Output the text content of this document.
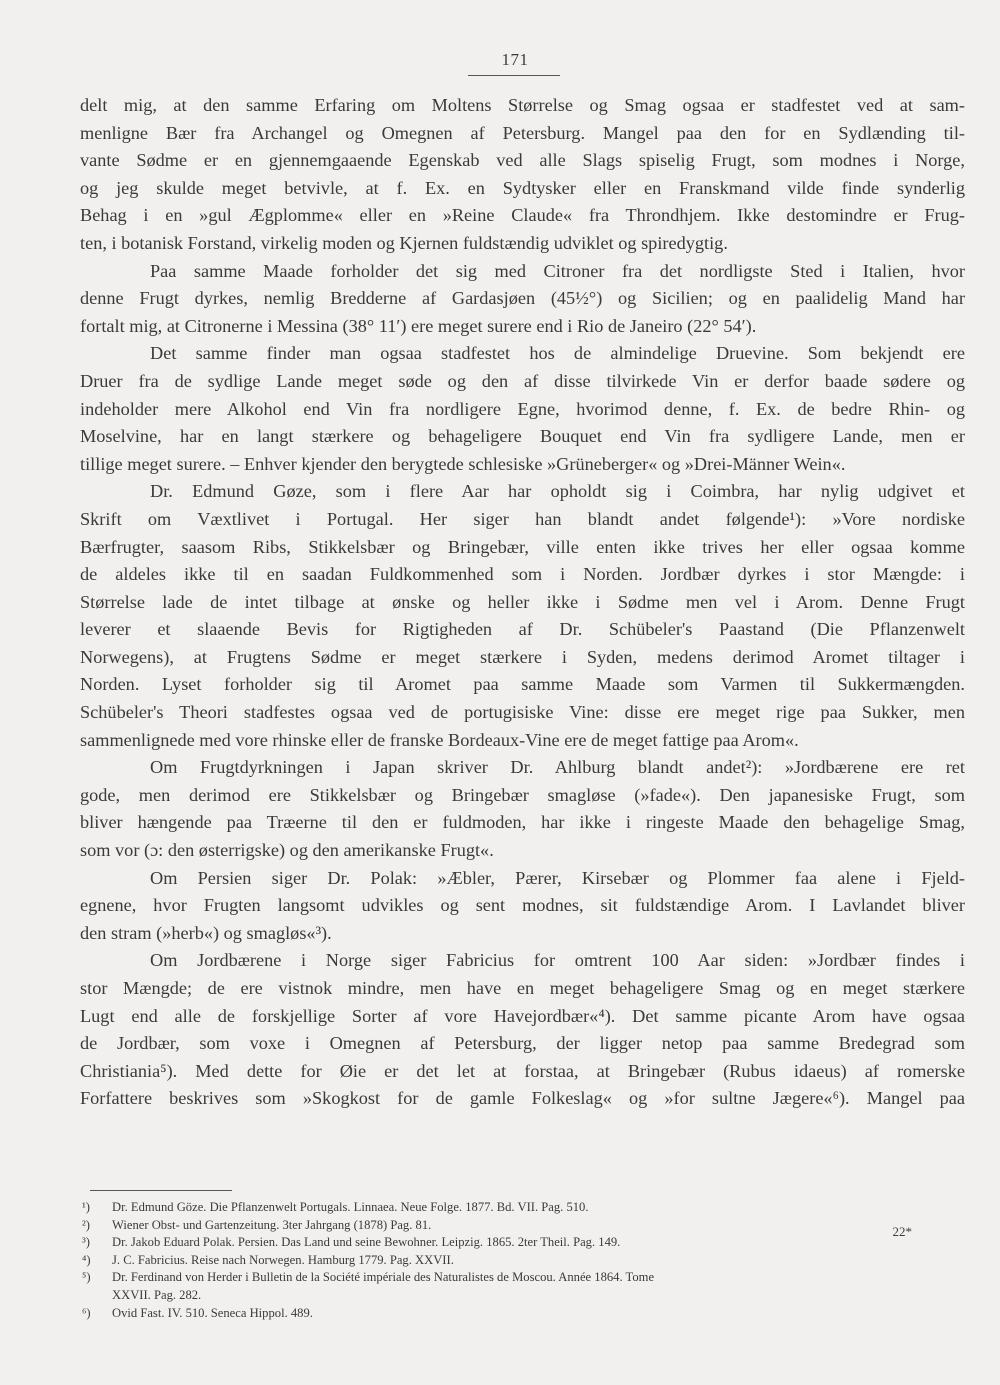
171
delt mig, at den samme Erfaring om Moltens Størrelse og Smag ogsaa er stadfestet ved at sam-
menligne Bær fra Archangel og Omegnen af Petersburg. Mangel paa den for en Sydlænding til-
vante Sødme er en gjennemgaaende Egenskab ved alle Slags spiselig Frugt, som modnes i Norge,
og jeg skulde meget betvivle, at f. Ex. en Sydtysker eller en Franskmand vilde finde synderlig
Behag i en »gul Ægplomme« eller en »Reine Claude« fra Throndhjem. Ikke destomindre er Frug-
ten, i botanisk Forstand, virkelig moden og Kjernen fuldstændig udviklet og spiredygtig.
Paa samme Maade forholder det sig med Citroner fra det nordligste Sted i Italien, hvor
denne Frugt dyrkes, nemlig Bredderne af Gardasjøen (45½°) og Sicilien; og en paalidelig Mand har
fortalt mig, at Citronerne i Messina (38° 11′) ere meget surere end i Rio de Janeiro (22° 54′).
Det samme finder man ogsaa stadfestet hos de almindelige Druevine. Som bekjendt ere
Druer fra de sydlige Lande meget søde og den af disse tilvirkede Vin er derfor baade sødere og
indeholder mere Alkohol end Vin fra nordligere Egne, hvorimod denne, f. Ex. de bedre Rhin- og
Moselvine, har en langt stærkere og behageligere Bouquet end Vin fra sydligere Lande, men er
tillige meget surere. – Enhver kjender den berygtede schlesiske »Grüneberger« og »Drei-Männer Wein«.
Dr. Edmund Gøze, som i flere Aar har opholdt sig i Coimbra, har nylig udgivet et
Skrift om Væxtlivet i Portugal. Her siger han blandt andet følgende¹): »Vore nordiske
Bærfrugter, saasom Ribs, Stikkelsbær og Bringebær, ville enten ikke trives her eller ogsaa komme
de aldeles ikke til en saadan Fuldkommenhed som i Norden. Jordbær dyrkes i stor Mængde: i
Størrelse lade de intet tilbage at ønske og heller ikke i Sødme men vel i Arom. Denne Frugt
leverer et slaaende Bevis for Rigtigheden af Dr. Schübeler's Paastand (Die Pflanzenwelt
Norwegens), at Frugtens Sødme er meget stærkere i Syden, medens derimod Aromet tiltager i
Norden. Lyset forholder sig til Aromet paa samme Maade som Varmen til Sukkermængden.
Schübeler's Theori stadfestes ogsaa ved de portugisiske Vine: disse ere meget rige paa Sukker, men
sammenlignede med vore rhinske eller de franske Bordeaux-Vine ere de meget fattige paa Arom«.
Om Frugtdyrkningen i Japan skriver Dr. Ahlburg blandt andet²): »Jordbærene ere ret
gode, men derimod ere Stikkelsbær og Bringebær smagløse (»fade«). Den japanesiske Frugt, som
bliver hængende paa Træerne til den er fuldmoden, har ikke i ringeste Maade den behagelige Smag,
som vor (ɔ: den østerrigske) og den amerikanske Frugt«.
Om Persien siger Dr. Polak: »Æbler, Pærer, Kirsebær og Plommer faa alene i Fjeld-
egnene, hvor Frugten langsomt udvikles og sent modnes, sit fuldstændige Arom. I Lavlandet bliver
den stram (»herb«) og smagløs«³).
Om Jordbærene i Norge siger Fabricius for omtrent 100 Aar siden: »Jordbær findes i
stor Mængde; de ere vistnok mindre, men have en meget behageligere Smag og en meget stærkere
Lugt end alle de forskjellige Sorter af vore Havejordbær«⁴). Det samme picante Arom have ogsaa
de Jordbær, som voxe i Omegnen af Petersburg, der ligger netop paa samme Bredegrad som
Christiania⁵). Med dette for Øie er det let at forstaa, at Bringebær (Rubus idaeus) af romerske
Forfattere beskrives som »Skogkost for de gamle Folkeslag« og »for sultne Jægere«⁶). Mangel paa
¹) Dr. Edmund Göze. Die Pflanzenwelt Portugals. Linnaea. Neue Folge. 1877. Bd. VII. Pag. 510.
²) Wiener Obst- und Gartenzeitung. 3ter Jahrgang (1878) Pag. 81.
³) Dr. Jakob Eduard Polak. Persien. Das Land und seine Bewohner. Leipzig. 1865. 2ter Theil. Pag. 149.
⁴) J. C. Fabricius. Reise nach Norwegen. Hamburg 1779. Pag. XXVII.
⁵) Dr. Ferdinand von Herder i Bulletin de la Société impériale des Naturalistes de Moscou. Année 1864. Tome
XXVII. Pag. 282.
⁶) Ovid Fast. IV. 510. Seneca Hippol. 489.
22*
